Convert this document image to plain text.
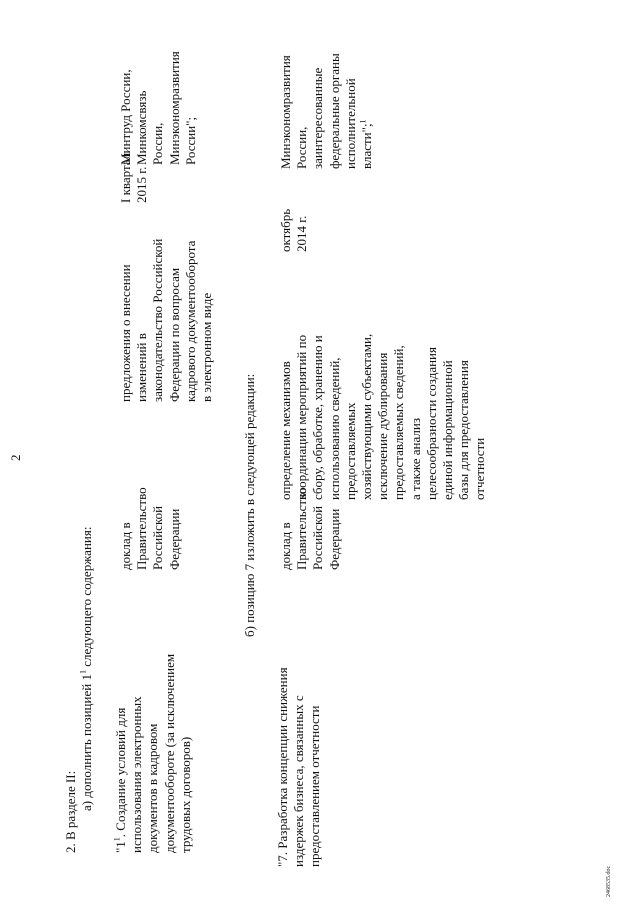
2
2. В разделе II:
а) дополнить позицией $1^1$ следующего содержания:
"$1^1$. Создание условий для использования электронных документов в кадровом документообороте (за исключением трудовых договоров)
доклад в Правительство Российской Федерации
предложения о внесении изменений в законодательство Российской Федерации по вопросам кадрового документооборота в электронном виде
I квартал 2015 г.
Минтруд России, Минкомсвязь России, Минэкономразвития России";
б) позицию 7 изложить в следующей редакции:
"7. Разработка концепции снижения издержек бизнеса, связанных с предоставлением отчетности
доклад в Правительство Российской Федерации
определение механизмов координации мероприятий по сбору, обработке, хранению и использованию сведений, предоставляемых хозяйствующими субъектами, исключение дублирования предоставляемых сведений, а также анализ целесообразности создания единой информационной базы для предоставления отчетности
октябрь 2014 г.
Минэкономразвития России, заинтересованные федеральные органы исполнительной власти";$^1$
2468535.doc
